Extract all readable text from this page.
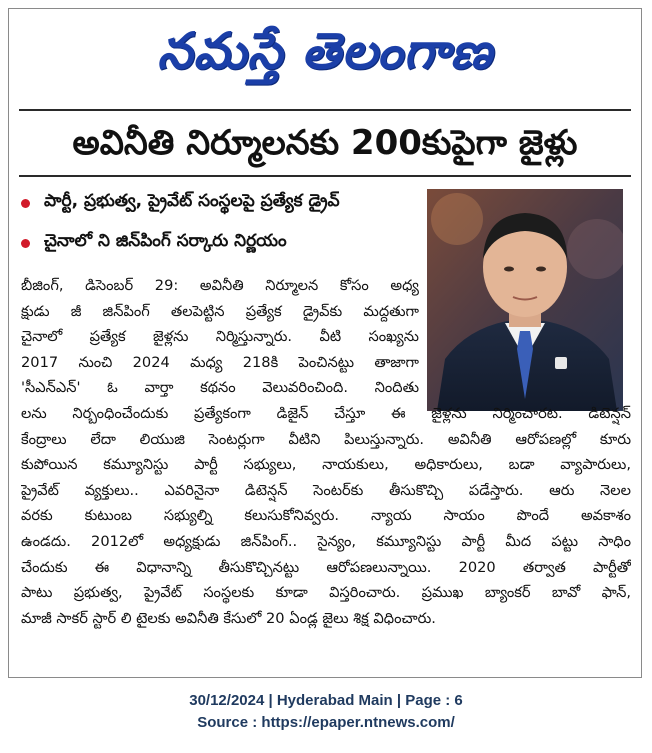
నమస్తే తెలంగాణ
అవినీతి నిర్మూలనకు 200కుపైగా జైళ్లు
పార్టీ, ప్రభుత్వ, ప్రైవేట్ సంస్థలపై ప్రత్యేక డ్రైవ్
చైనాలో ని జిన్‌పింగ్ సర్కారు నిర్ణయం
బీజింగ్, డిసెంబర్ 29: అవినీతి నిర్మూలన కోసం అధ్య
క్షుడు జీ జిన్‌పింగ్ తలపెట్టిన ప్రత్యేక డ్రైవ్‌కు మద్దతుగా
చైనాలో ప్రత్యేక జైళ్లను నిర్మిస్తున్నారు. వీటి సంఖ్యను
2017 నుంచి 2024 మధ్య 218కి పెంచినట్టు తాజాగా
'సీఎన్‌ఎన్' ఓ వార్తా కథనం వెలువరించింది. నిందితు
లను నిర్బంధించేందుకు ప్రత్యేకంగా డిజైన్ చేస్తూ ఈ జైళ్లను నిర్మించారట. డిటెన్షన్
కేంద్రాలు లేదా లియుజి సెంటర్లుగా వీటిని పిలుస్తున్నారు. అవినీతి ఆరోపణల్లో కూరు
కుపోయిన కమ్యూనిస్టు పార్టీ సభ్యులు, నాయకులు, అధికారులు, బడా వ్యాపారులు,
ప్రైవేట్ వ్యక్తులు.. ఎవరినైనా డిటెన్షన్ సెంటర్‌కు తీసుకొచ్చి పడేస్తారు. ఆరు నెలల
వరకు కుటుంబ సభ్యుల్ని కలుసుకోనివ్వరు. న్యాయ సాయం పొందే అవకాశం
ఉండదు. 2012లో అధ్యక్షుడు జిన్‌పింగ్.. సైన్యం, కమ్యూనిస్టు పార్టీ మీద పట్టు సాధిం
చేందుకు ఈ విధానాన్ని తీసుకొచ్చినట్టు ఆరోపణలున్నాయి. 2020 తర్వాత పార్టీతో
పాటు ప్రభుత్వ, ప్రైవేట్ సంస్థలకు కూడా విస్తరించారు. ప్రముఖ బ్యాంకర్ బావో ఫాన్,
మాజీ సాకర్ స్టార్ లి టైలకు అవినీతి కేసులో 20 ఏండ్ల జైలు శిక్ష విధించారు.
30/12/2024 | Hyderabad Main | Page : 6
Source : https://epaper.ntnews.com/
